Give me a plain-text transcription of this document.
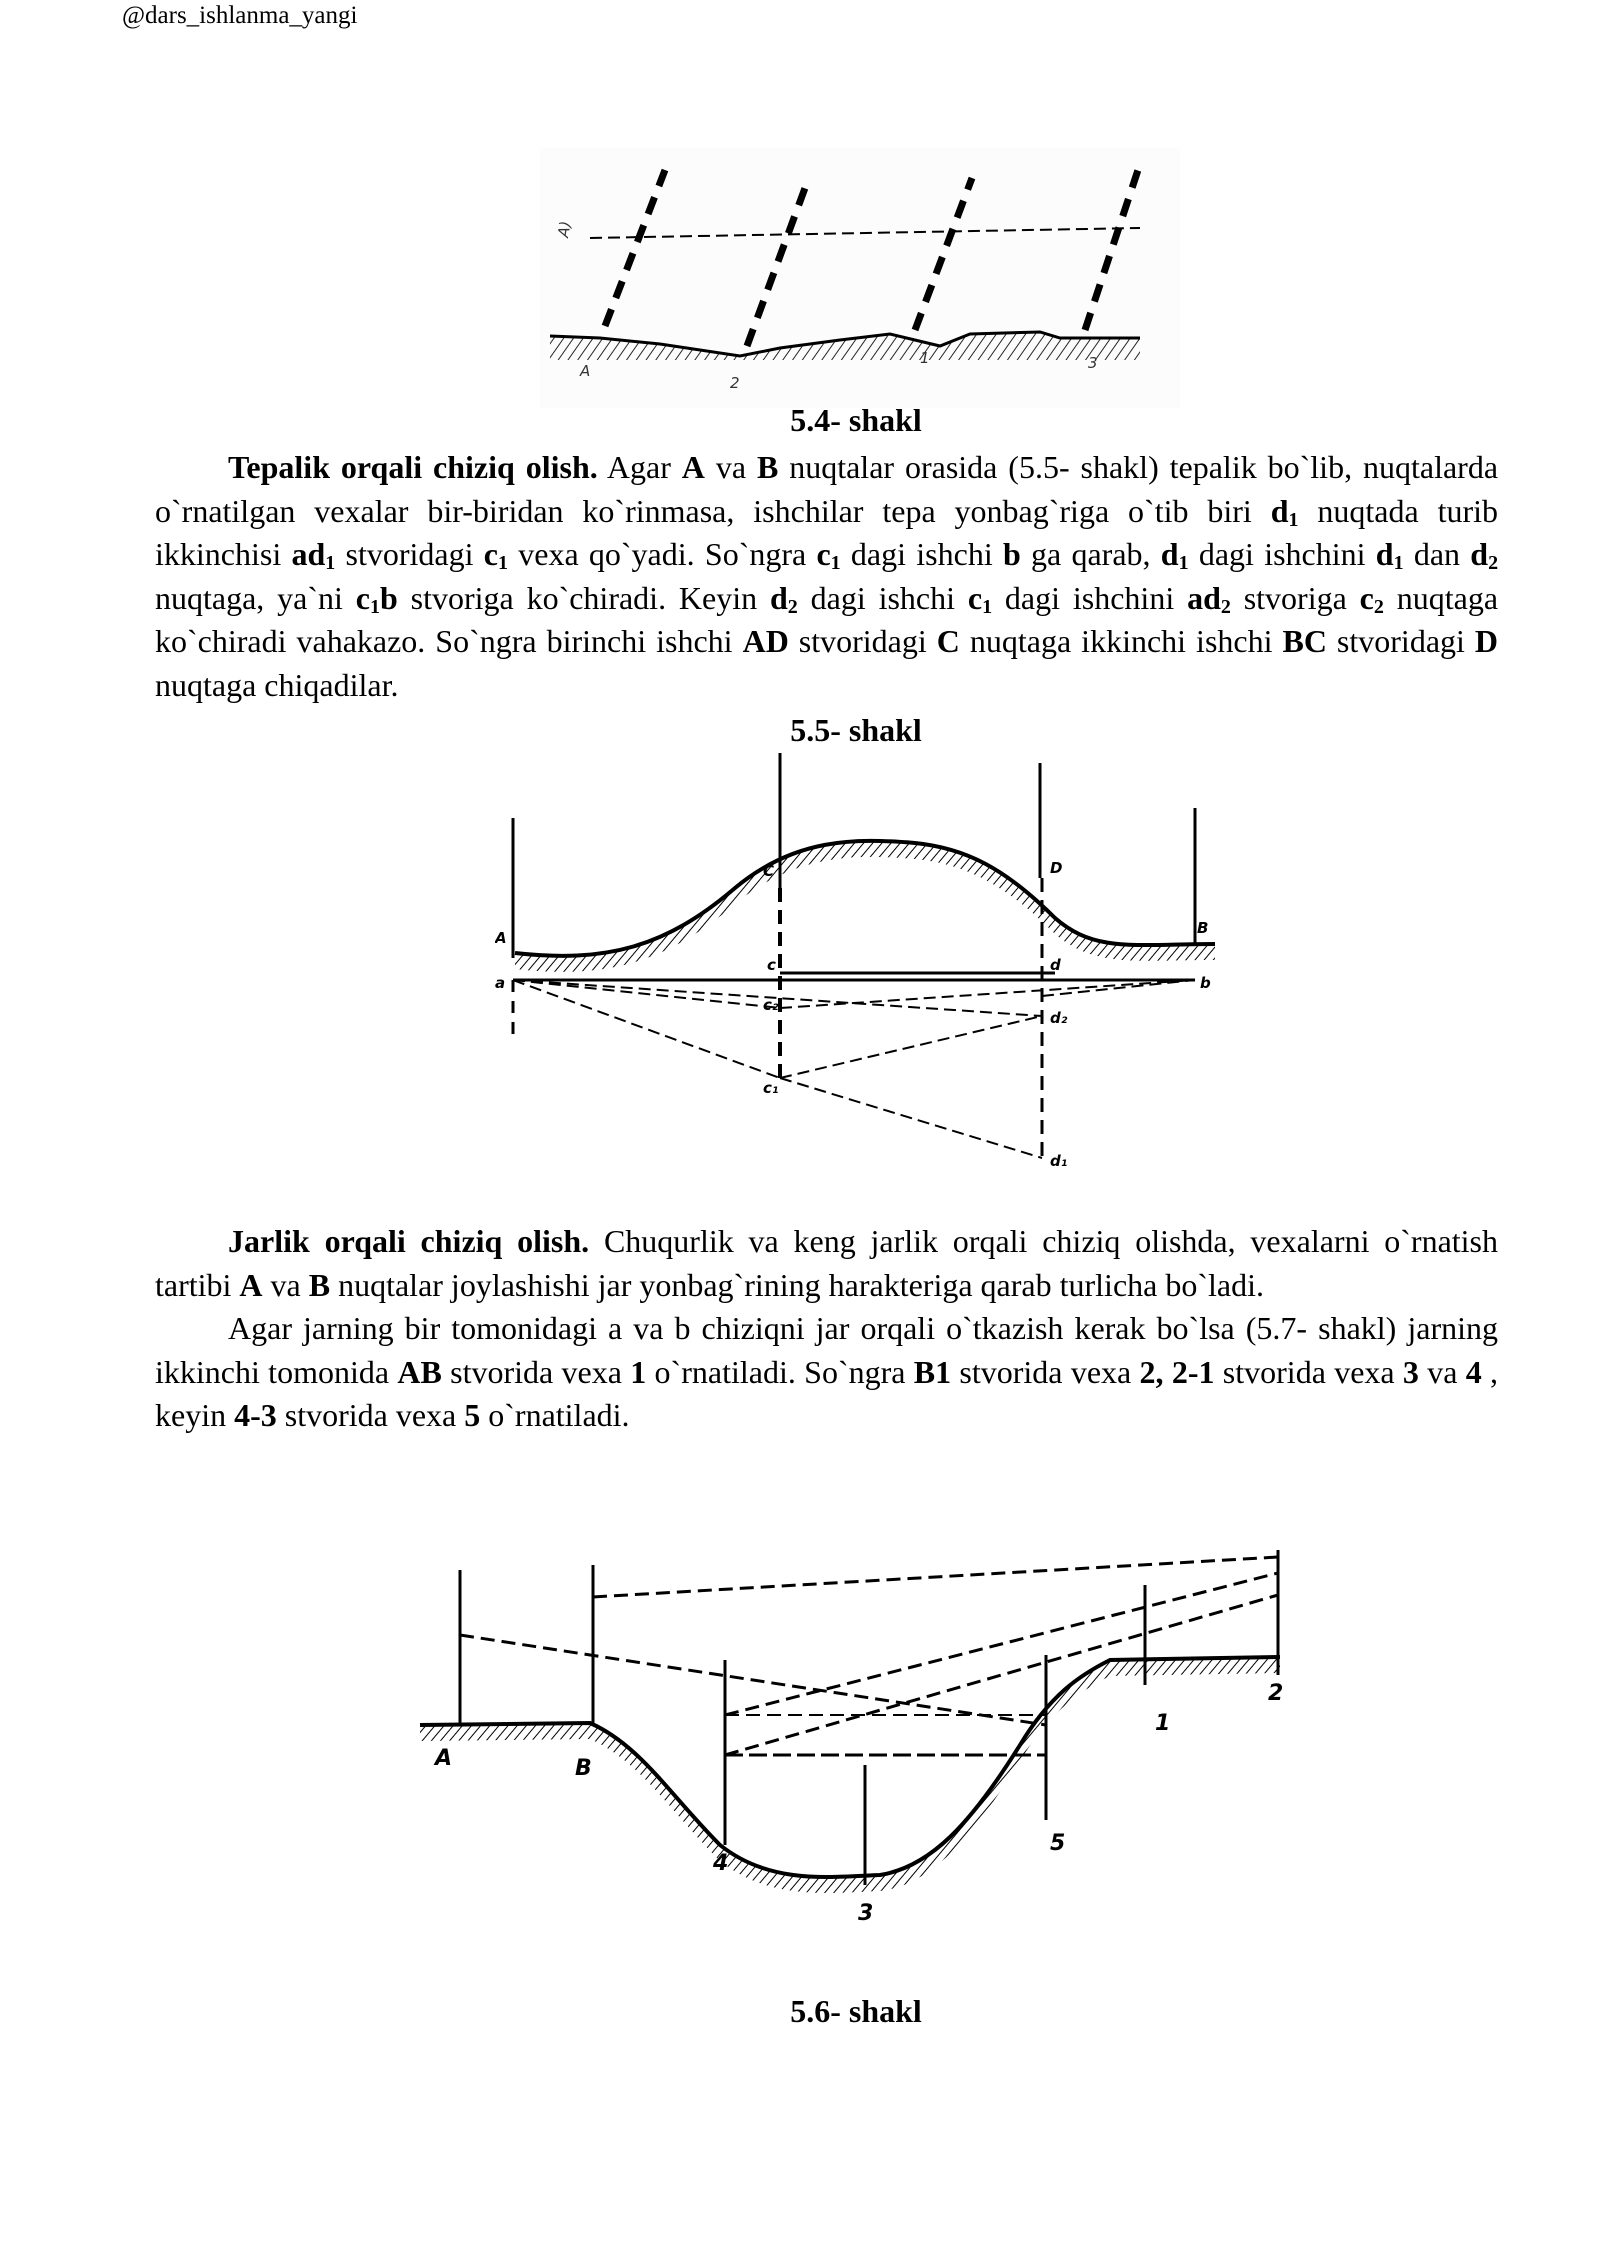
@dars_ishlanma_yangi
A
2
1	3
A)
5.4- shakl

Tepalik orqali chiziq olish. Agar A va B nuqtalar orasida (5.5- shakl) tepalik bo`lib, nuqtalarda o`rnatilgan vexalar bir-biridan ko`rinmasa, ishchilar tepa yonbag`riga o`tib biri $d_1$ nuqtada turib ikkinchisi $ad_1$ stvoridagi $c_1$ vexa qo`yadi. So`ngra $c_1$ dagi ishchi b ga qarab, $d_1$ dagi ishchini $d_1$ dan $d_2$ nuqtaga, ya`ni $c_1b$ stvoriga ko`chiradi. Keyin $d_2$ dagi ishchi $c_1$ dagi ishchini $ad_2$ stvoriga $c_2$ nuqtaga ko`chiradi vahakazo. So`ngra birinchi ishchi AD stvoridagi C nuqtaga ikkinchi ishchi BC stvoridagi D nuqtaga chiqadilar.

5.5- shakl
A
C	D
B
a	b
c	d
c₂
d₂
c₁
d₁

Jarlik orqali chiziq olish. Chuqurlik va keng jarlik orqali chiziq olishda, vexalarni o`rnatish tartibi A va B nuqtalar joylashishi jar yonbag`rining harakteriga qarab turlicha bo`ladi.

Agar jarning bir tomonidagi a va b chiziqni jar orqali o`tkazish kerak bo`lsa (5.7- shakl) jarning ikkinchi tomonida AB stvorida vexa 1 o`rnatiladi. So`ngra B1 stvorida vexa 2, 2-1 stvorida vexa 3 va 4 , keyin 4-3 stvorida vexa 5 o`rnatiladi.

A	B
4
3
5
1
2
5.6- shakl
